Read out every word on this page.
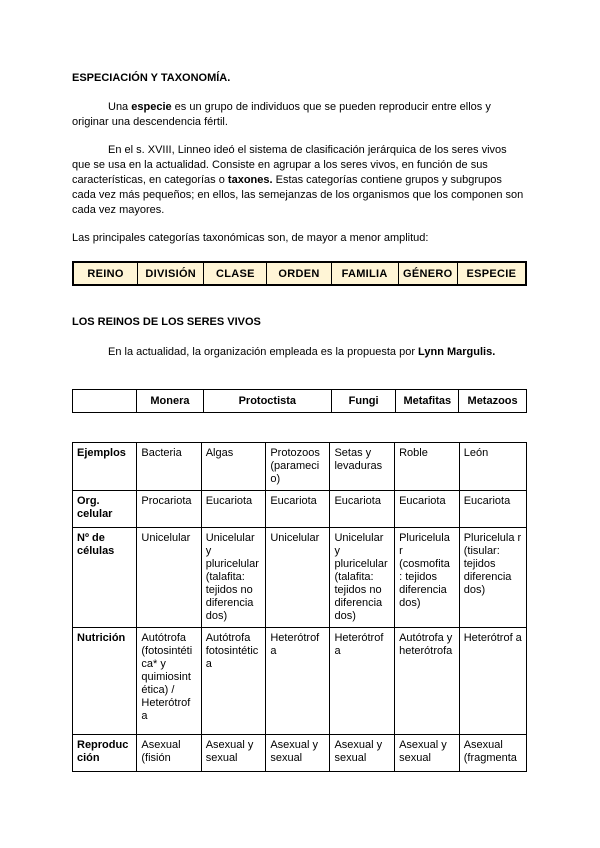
ESPECIACIÓN Y TAXONOMÍA.
Una especie es un grupo de individuos que se pueden reproducir entre ellos y originar una descendencia fértil.
En el s. XVIII, Linneo ideó el sistema de clasificación jerárquica de los seres vivos que se usa en la actualidad. Consiste en agrupar a los seres vivos, en función de sus características, en categorías o taxones. Estas categorías contiene grupos y subgrupos cada vez más pequeños; en ellos, las semejanzas de los organismos que los componen son cada vez mayores.
Las principales categorías taxonómicas son, de mayor a menor amplitud:
REINO	DIVISIÓN	CLASE	ORDEN	FAMILIA	GÉNERO	ESPECIE
LOS REINOS DE LOS SERES VIVOS
En la actualidad, la organización empleada es la propuesta por Lynn Margulis.
	Monera	Protoctista	Fungi	Metafitas	Metazoos
Ejemplos	Bacteria	Algas	Protozoos (parameci o)	Setas y levaduras	Roble	León
Org. celular	Procariota	Eucariota	Eucariota	Eucariota	Eucariota	Eucariota
Nº de células	Unicelular	Unicelular y pluricelular (talafita: tejidos no diferencia dos)	Unicelular	Unicelular y pluricelular (talafita: tejidos no diferencia dos)	Pluricelula r (cosmofita : tejidos diferencia dos)	Pluricelula r (tisular: tejidos diferencia dos)
Nutrición	Autótrofa (fotosintéti ca* y quimiosint ética) / Heterótrof a	Autótrofa fotosintétic a	Heterótrof a	Heterótrof a	Autótrofa y heterótrofa	Heterótrof a
Reproduc ción	Asexual (fisión	Asexual y sexual	Asexual y sexual	Asexual y sexual	Asexual y sexual	Asexual (fragmenta
